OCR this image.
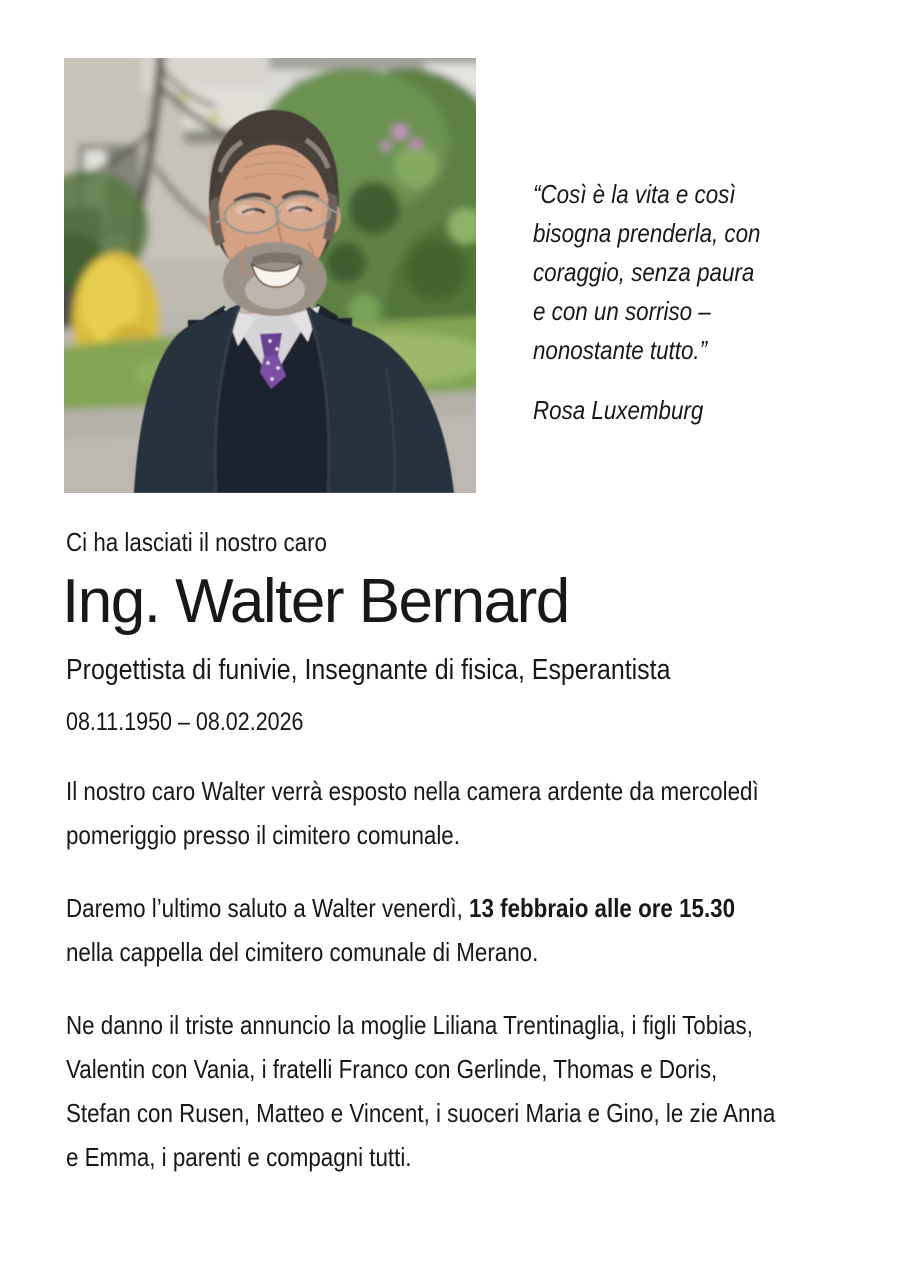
“Così è la vita e così
bisogna prenderla, con
coraggio, senza paura
e con un sorriso –
nonostante tutto.”
Rosa Luxemburg
Ci ha lasciati il nostro caro
Ing. Walter Bernard
Progettista di funivie, Insegnante di fisica, Esperantista
08.11.1950 – 08.02.2026
Il nostro caro Walter verrà esposto nella camera ardente da mercoledì
pomeriggio presso il cimitero comunale.
Daremo l’ultimo saluto a Walter venerdì, 13 febbraio alle ore 15.30
nella cappella del cimitero comunale di Merano.
Ne danno il triste annuncio la moglie Liliana Trentinaglia, i figli Tobias,
Valentin con Vania, i fratelli Franco con Gerlinde, Thomas e Doris,
Stefan con Rusen, Matteo e Vincent, i suoceri Maria e Gino, le zie Anna
e Emma, i parenti e compagni tutti.
